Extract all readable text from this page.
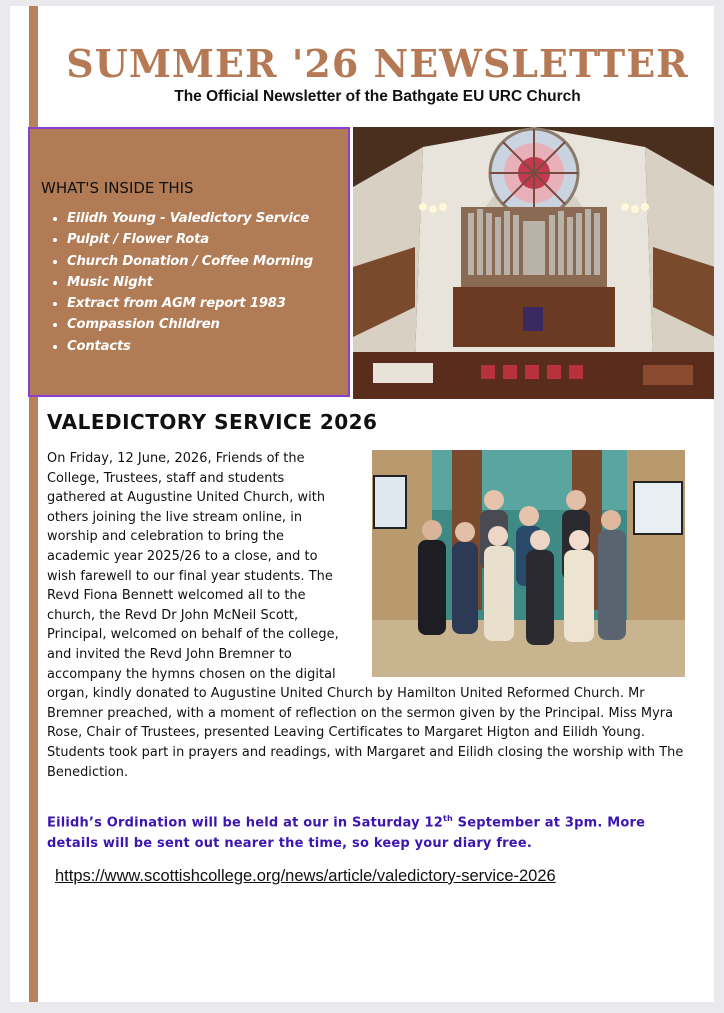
SUMMER '26 NEWSLETTER
The Official Newsletter of the Bathgate EU URC Church
WHAT'S INSIDE THIS
• Eilidh Young - Valedictory Service
• Pulpit / Flower Rota
• Church Donation / Coffee Morning
• Music Night
• Extract from AGM report 1983
• Compassion Children
• Contacts
VALEDICTORY SERVICE 2026

On Friday, 12 June, 2026, Friends of the College, Trustees, staff and students gathered at Augustine United Church, with others joining the live stream online, in worship and celebration to bring the academic year 2025/26 to a close, and to wish farewell to our final year students. The Revd Fiona Bennett welcomed all to the church, the Revd Dr John McNeil Scott, Principal, welcomed on behalf of the college, and invited the Revd John Bremner to accompany the hymns chosen on the digital organ, kindly donated to Augustine United Church by Hamilton United Reformed Church. Mr Bremner preached, with a moment of reflection on the sermon given by the Principal. Miss Myra Rose, Chair of Trustees, presented Leaving Certificates to Margaret Higton and Eilidh Young. Students took part in prayers and readings, with Margaret and Eilidh closing the worship with The Benediction.

Eilidh’s Ordination will be held at our in Saturday 12th September at 3pm. More details will be sent out nearer the time, so keep your diary free.

https://www.scottishcollege.org/news/article/valedictory-service-2026
